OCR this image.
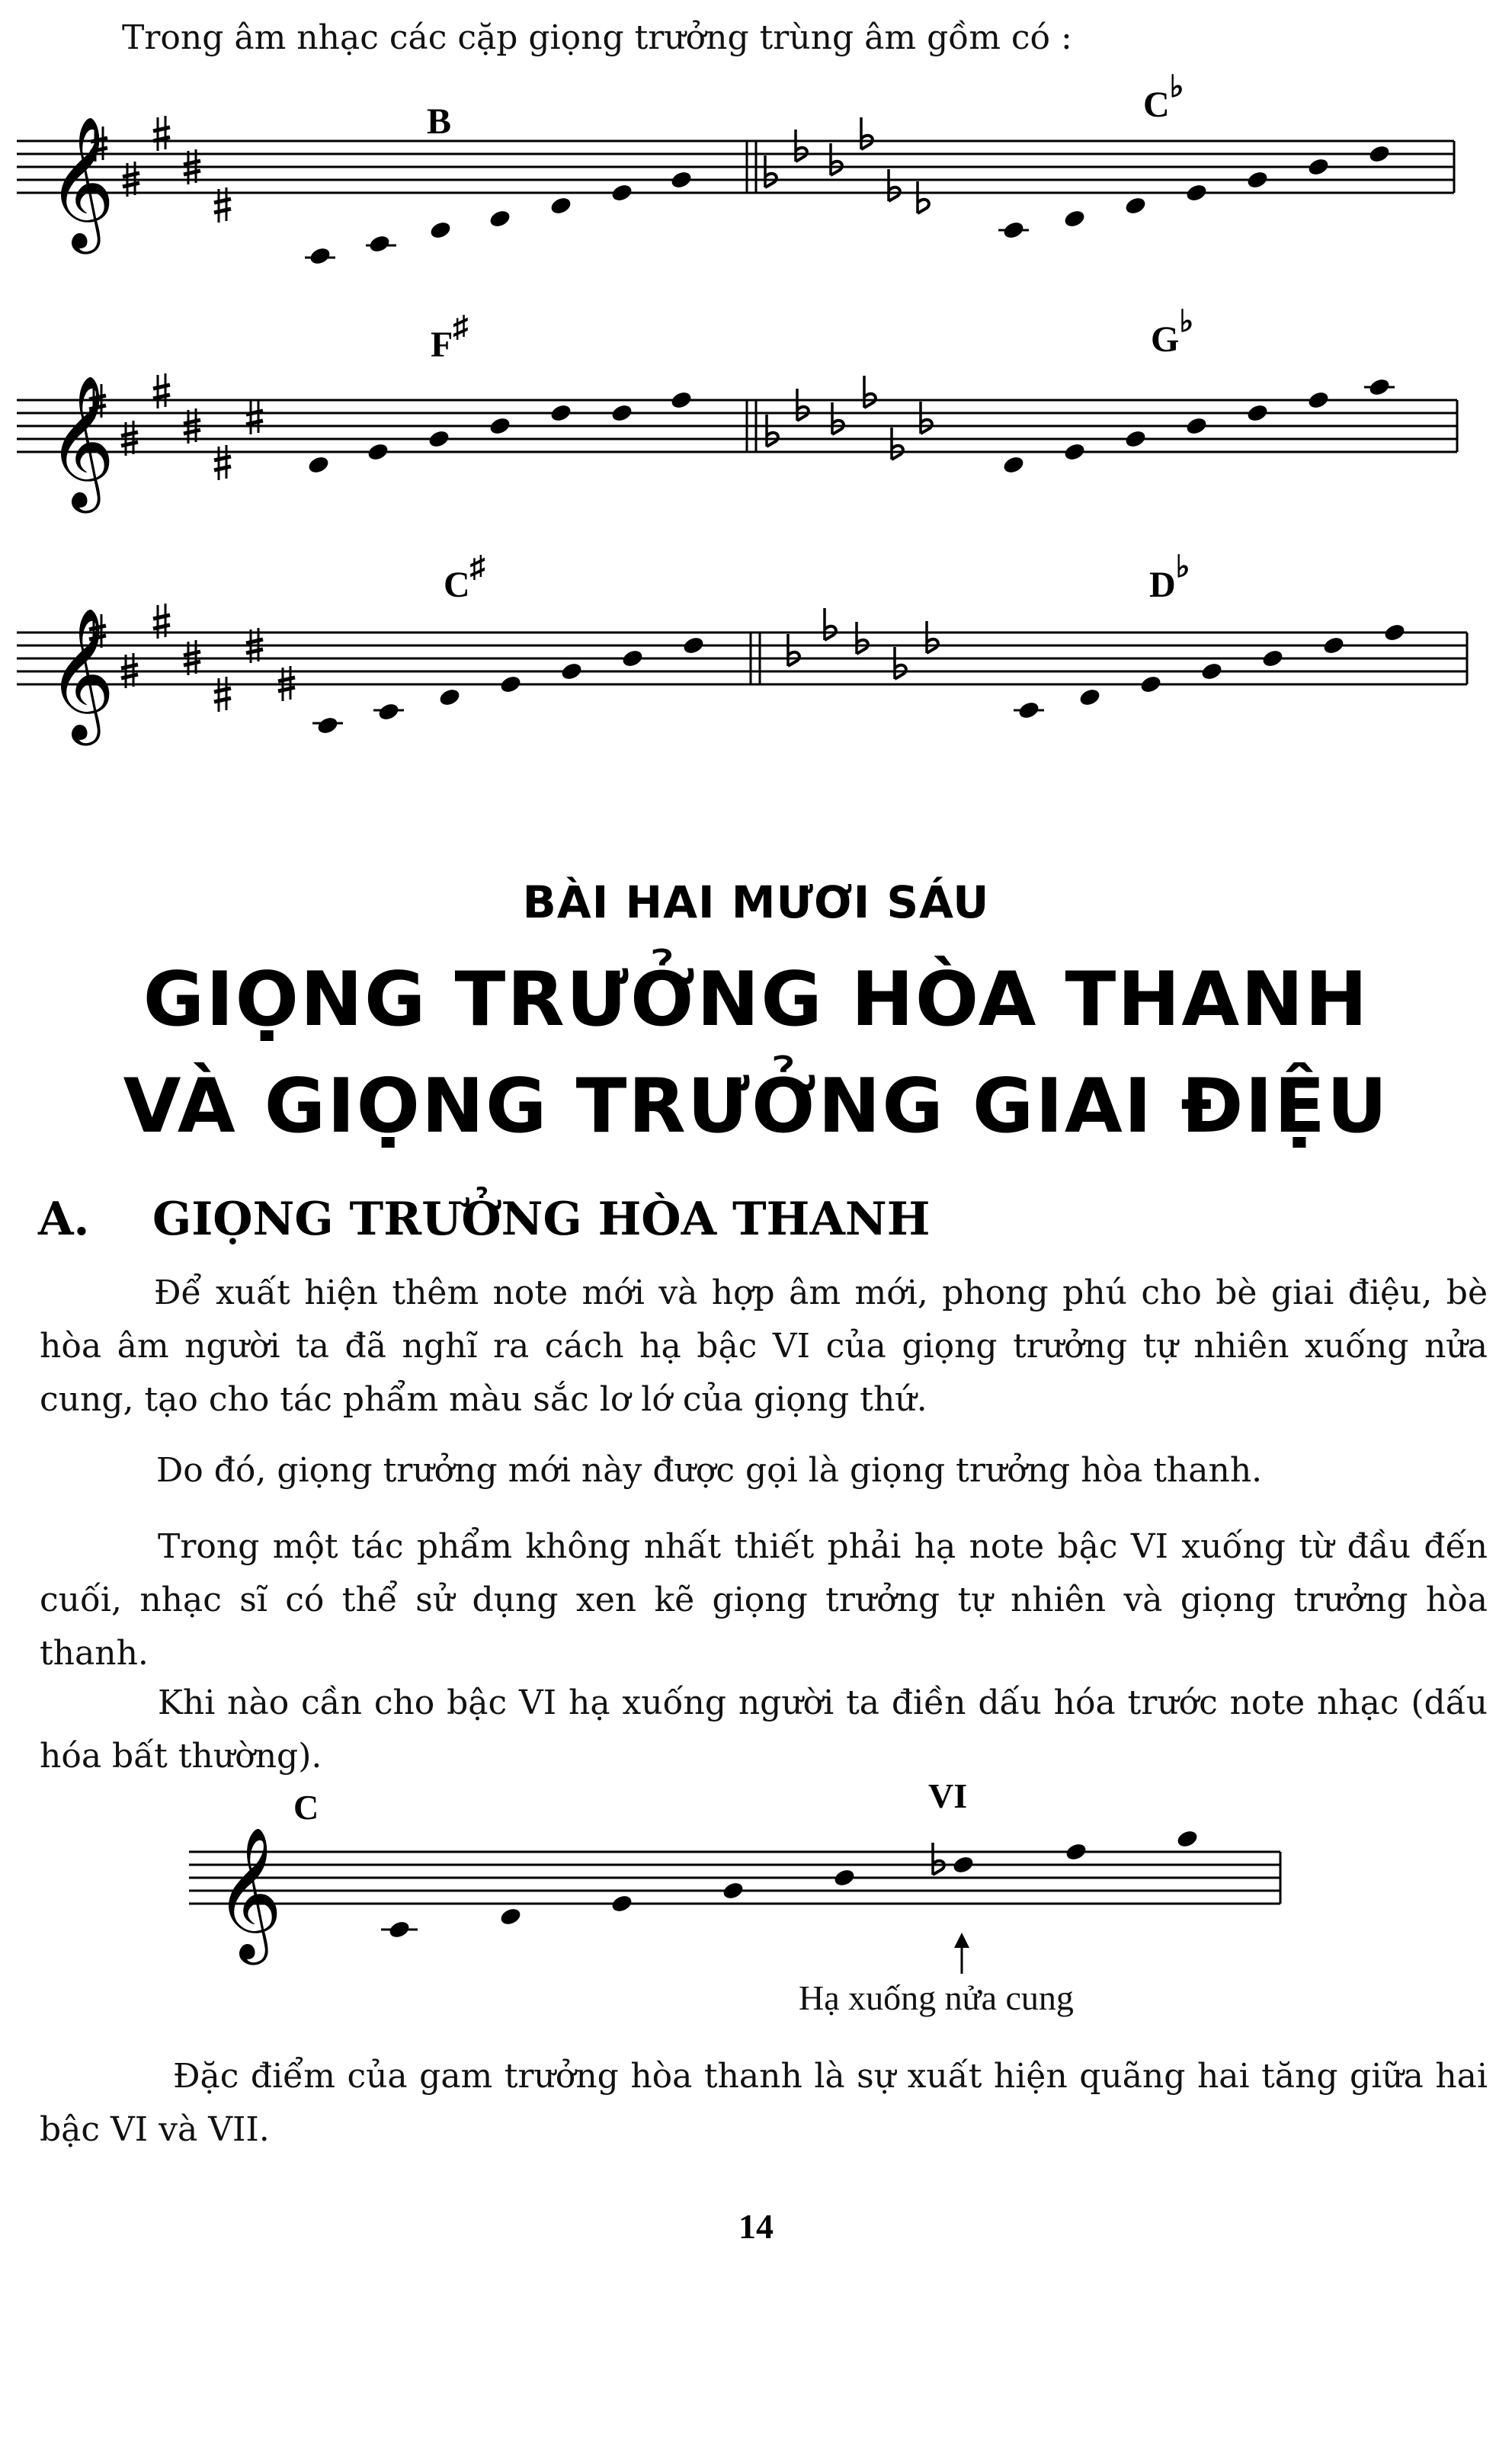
Trong âm nhạc các cặp giọng trưởng trùng âm gồm có :
B	C♭
F♯	G♭
C♯	D♭
𝄞
𝄞
𝄞
𝄞
BÀI HAI MƯƠI SÁU
GIỌNG TRƯỞNG HÒA THANH
VÀ GIỌNG TRƯỞNG GIAI ĐIỆU
A. GIỌNG TRƯỞNG HÒA THANH
Để xuất hiện thêm note mới và hợp âm mới, phong phú cho bè giai điệu, bè hòa âm người ta đã nghĩ ra cách hạ bậc VI của giọng trưởng tự nhiên xuống nửa cung, tạo cho tác phẩm màu sắc lơ lớ của giọng thứ.
Do đó, giọng trưởng mới này được gọi là giọng trưởng hòa thanh.
Trong một tác phẩm không nhất thiết phải hạ note bậc VI xuống từ đầu đến cuối, nhạc sĩ có thể sử dụng xen kẽ giọng trưởng tự nhiên và giọng trưởng hòa thanh.
Khi nào cần cho bậc VI hạ xuống người ta điền dấu hóa trước note nhạc (dấu hóa bất thường).
C	VI
Hạ xuống nửa cung
Đặc điểm của gam trưởng hòa thanh là sự xuất hiện quãng hai tăng giữa hai bậc VI và VII.
14
